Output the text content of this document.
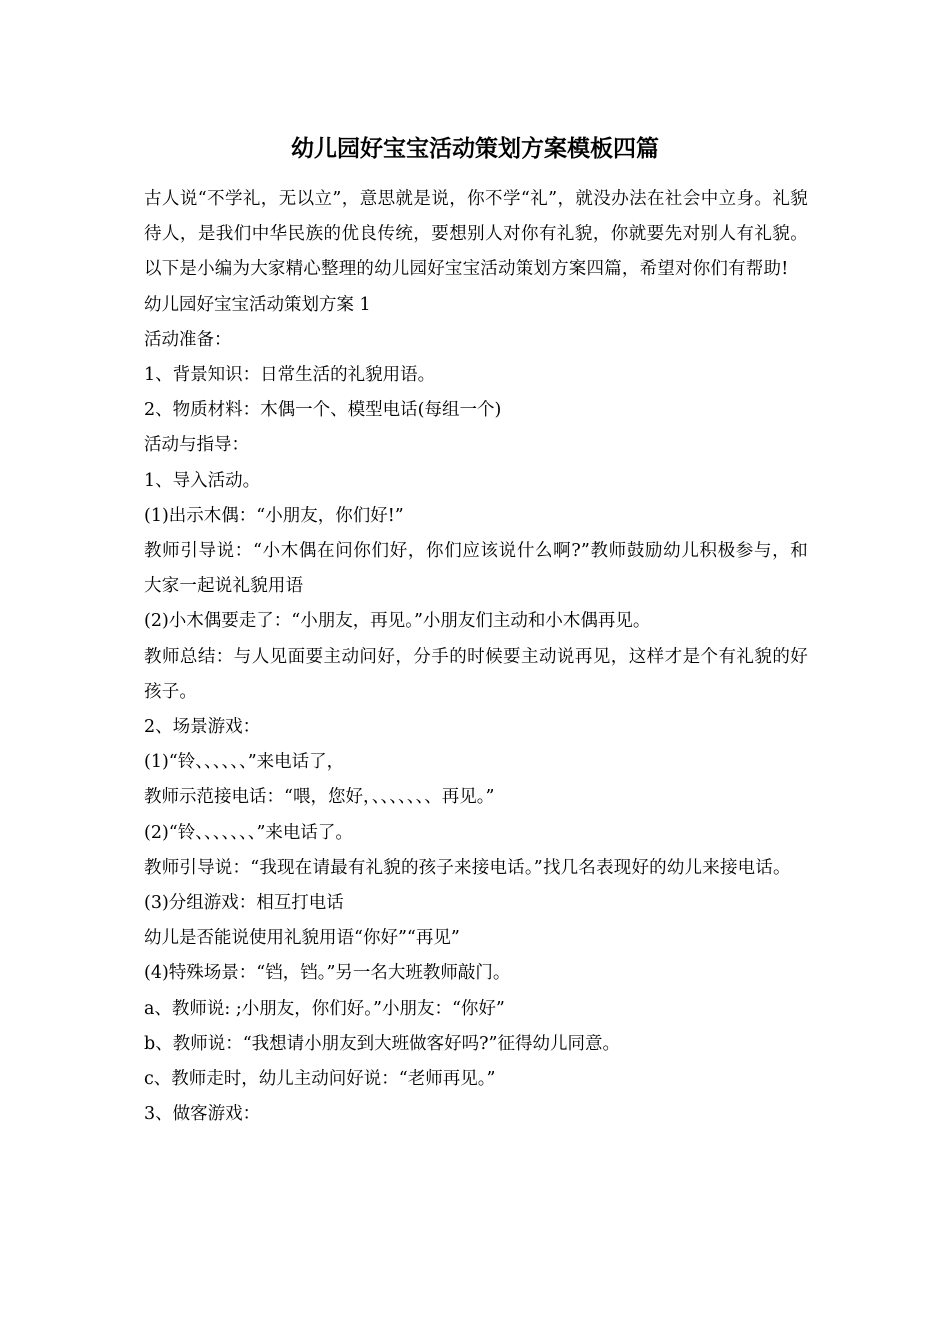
幼儿园好宝宝活动策划方案模板四篇

古人说“不学礼，无以立”，意思就是说，你不学“礼”，就没办法在社会中立身。礼貌待人，是我们中华民族的优良传统，要想别人对你有礼貌，你就要先对别人有礼貌。以下是小编为大家精心整理的幼儿园好宝宝活动策划方案四篇，希望对你们有帮助!

幼儿园好宝宝活动策划方案 1

活动准备：

1、背景知识：日常生活的礼貌用语。

2、物质材料：木偶一个、模型电话(每组一个)

活动与指导：

1、导入活动。

(1)出示木偶：“小朋友，你们好!”

教师引导说：“小木偶在问你们好，你们应该说什么啊?”教师鼓励幼儿积极参与，和大家一起说礼貌用语

(2)小木偶要走了：“小朋友，再见。”小朋友们主动和小木偶再见。

教师总结：与人见面要主动问好，分手的时候要主动说再见，这样才是个有礼貌的好孩子。

2、场景游戏：

(1)“铃、、、、、、”来电话了，

教师示范接电话：“喂，您好，、、、、、、、再见。”

(2)“铃、、、、、、、”来电话了。

教师引导说：“我现在请最有礼貌的孩子来接电话。”找几名表现好的幼儿来接电话。

(3)分组游戏：相互打电话

幼儿是否能说使用礼貌用语“你好”“再见”

(4)特殊场景：“铛，铛。”另一名大班教师敲门。

a、教师说: ;小朋友，你们好。”小朋友：“你好”

b、教师说：“我想请小朋友到大班做客好吗?”征得幼儿同意。

c、教师走时，幼儿主动问好说：“老师再见。”

3、做客游戏：
